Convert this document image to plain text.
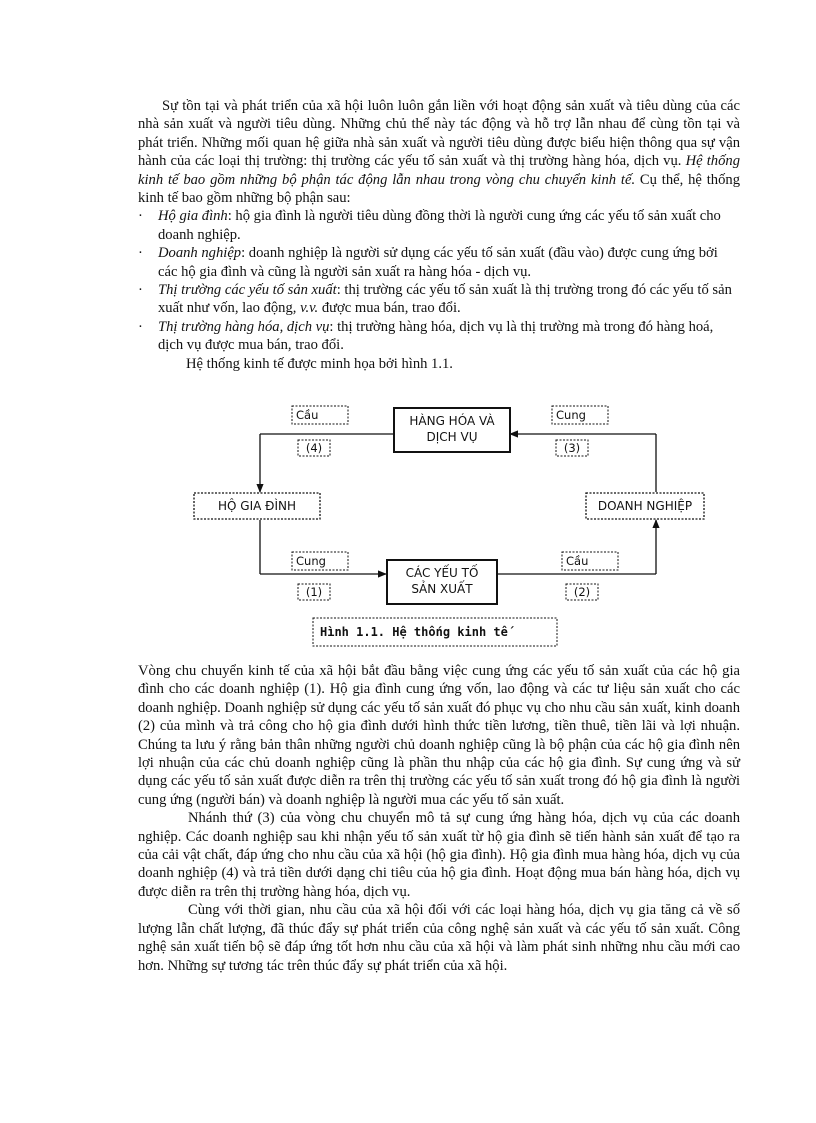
Sự tồn tại và phát triển của xã hội luôn luôn gắn liền với hoạt động sản xuất và tiêu dùng của các nhà sản xuất và người tiêu dùng. Những chủ thể này tác động và hỗ trợ lẫn nhau để cùng tồn tại và phát triển. Những mối quan hệ giữa nhà sản xuất và người tiêu dùng được biểu hiện thông qua sự vận hành của các loại thị trường: thị trường các yếu tố sản xuất và thị trường hàng hóa, dịch vụ. Hệ thống kinh tế bao gồm những bộ phận tác động lẫn nhau trong vòng chu chuyển kinh tế. Cụ thể, hệ thống kinh tế bao gồm những bộ phận sau:

·	Hộ gia đình: hộ gia đình là người tiêu dùng đồng thời là người cung ứng các yếu tố sản xuất cho doanh nghiệp.
·	Doanh nghiệp: doanh nghiệp là người sử dụng các yếu tố sản xuất (đầu vào) được cung ứng bởi các hộ gia đình và cũng là người sản xuất ra hàng hóa - dịch vụ.
·	Thị trường các yếu tố sản xuất: thị trường các yếu tố sản xuất là thị trường trong đó các yếu tố sản xuất như vốn, lao động, v.v. được mua bán, trao đổi.
·	Thị trường hàng hóa, dịch vụ: thị trường hàng hóa, dịch vụ là thị trường mà trong đó hàng hoá, dịch vụ được mua bán, trao đổi.

Hệ thống kinh tế được minh họa bởi hình 1.1.

HÀNG HÓA VÀ
DỊCH VỤ
HỘ GIA ĐÌNH
CÁC YẾU TỐ
SẢN XUẤT
Cầu
(4)
Cung
(3)
Cung
(1)
Cầu
(2)
Hình 1.1. Hệ thống kinh tế
DOANH NGHIỆP

Vòng chu chuyển kinh tế của xã hội bắt đầu bằng việc cung ứng các yếu tố sản xuất của các hộ gia đình cho các doanh nghiệp (1). Hộ gia đình cung ứng vốn, lao động và các tư liệu sản xuất cho các doanh nghiệp. Doanh nghiệp sử dụng các yếu tố sản xuất đó phục vụ cho nhu cầu sản xuất, kinh doanh (2) của mình và trả công cho hộ gia đình dưới hình thức tiền lương, tiền thuê, tiền lãi và lợi nhuận. Chúng ta lưu ý rằng bản thân những người chủ doanh nghiệp cũng là bộ phận của các hộ gia đình nên lợi nhuận của các chủ doanh nghiệp cũng là phần thu nhập của các hộ gia đình. Sự cung ứng và sử dụng các yếu tố sản xuất được diễn ra trên thị trường các yếu tố sản xuất trong đó hộ gia đình là người cung ứng (người bán) và doanh nghiệp là người mua các yếu tố sản xuất.

Nhánh thứ (3) của vòng chu chuyển mô tả sự cung ứng hàng hóa, dịch vụ của các doanh nghiệp. Các doanh nghiệp sau khi nhận yếu tố sản xuất từ hộ gia đình sẽ tiến hành sản xuất để tạo ra của cải vật chất, đáp ứng cho nhu cầu của xã hội (hộ gia đình). Hộ gia đình mua hàng hóa, dịch vụ của doanh nghiệp (4) và trả tiền dưới dạng chi tiêu của hộ gia đình. Hoạt động mua bán hàng hóa, dịch vụ được diễn ra trên thị trường hàng hóa, dịch vụ.

Cùng với thời gian, nhu cầu của xã hội đối với các loại hàng hóa, dịch vụ gia tăng cả về số lượng lẫn chất lượng, đã thúc đẩy sự phát triển của công nghệ sản xuất và các yếu tố sản xuất. Công nghệ sản xuất tiến bộ sẽ đáp ứng tốt hơn nhu cầu của xã hội và làm phát sinh những nhu cầu mới cao hơn. Những sự tương tác trên thúc đẩy sự phát triển của xã hội.
